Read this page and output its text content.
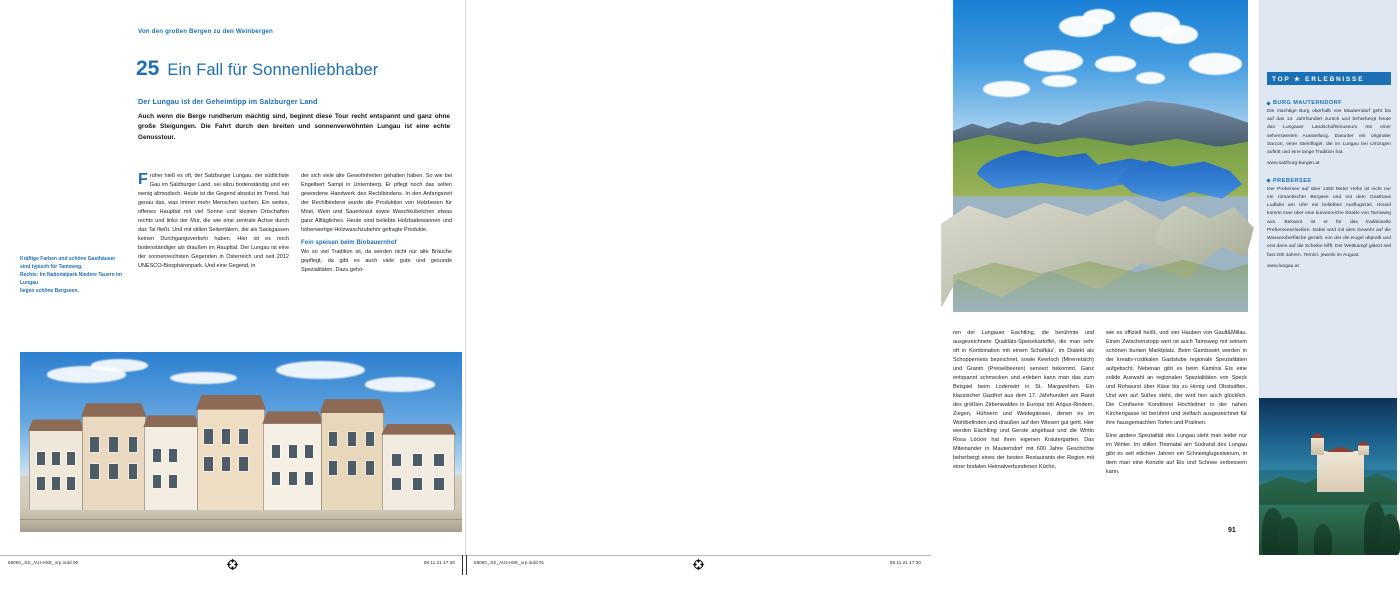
Von den großen Bergen zu den Weinbergen
25 Ein Fall für Sonnenliebhaber
Der Lungau ist der Geheimtipp im Salzburger Land
Auch wenn die Berge rundherum mächtig sind, beginnt diese Tour recht entspannt und ganz ohne große Steigungen. Die Fahrt durch den breiten und sonnenverwöhnten Lungau ist eine echte Genusstour.
F rüher hieß es oft, der Salzburger Lungau, der südlichste Gau im Salzburger Land, sei allzu bodenständig und ein wenig altmodisch. Heute ist die Gegend absolut im Trend, hat genau das, was immer mehr Menschen suchen. Ein weites, offenes Haupttal mit viel Sonne und kleinen Ortschaften rechts und links der Mur, die wie eine zentrale Achse durch das Tal fließt. Und mit stillen Seitentälern, die als Sackgassen keinen Durchgangsverkehr haben. Hier ist es noch bodenständiger als draußen im Haupttal. Der Lungau ist eine der sonnenreichsten Gegenden in Österreich und seit 2012 UNESCO-Biosphärenpark. Und eine Gegend, in
der sich viele alte Gewohnheiten gehalten haben. So wie bei Engelbert Sampl in Unternberg. Er pflegt noch das selten gewordene Handwerk des Rechlbindens. In den Anfangszeit der Rechlbinderei wurde die Produktion von Holzbesen für Most, Wein und Sauerkraut sowie Waschkübelchen etwas ganz Alltägliches. Heute sind beliebte Holzbadewannen und höherwertige Holzwaschzubehör gefragte Produkte.
Fein speisen beim Biobauernhof
Wo so viel Tradition ist, da werden nicht nur alte Bräuche gepflegt, da gibt es auch viele gute und gesunde Spezialitäten. Dazu gehö-
Kräftige Farben und schöne Gasthäuser
sind typisch für Tamsweg.
Rechts: Im Nationalpark Niedere Tauern im Lungau
liegen schöne Bergseen.
ren der Lungauer Eachtling, die berühmte und ausgezeichnete Qualitäts-Speisekartoffel, die man sehr oft in Kombination mit einem Schafkäs', im Dialekt als Schopperriess bezeichnet, sowie Keerloch (Mirerretsich) und Grantn (Preiselbeeren) serviert bekommt. Ganz entspannt schmecken und erleben kann man das zum Beispiel beim Lodenwirt in St. Margarethen. Ein klassischer Gasthof aus dem 17. Jahrhundert am Rand des größten Zirbenwaldes in Europa mit Angus-Rindern, Ziegen, Hühnern und Weidegänsen, denen es im Wohlbefinden und draußen auf den Wiesen gut geht. Hier werden Eachtling und Gerste angebaut und die Wirtin Rosa Löcker hat ihren eigenen Kräutergarten. Das Miteinander in Mauterndorf mit 600 Jahre Geschichte beherbergt eines der besten Restaurants der Region mit einer bodalen Heimatverbundenen Küche,
wie es offiziell heißt, und vier Hauben von Gault&Millau. Einen Zwischenstopp wert ist auch Tamsweg mit seinem schönen bunten Marktplatz. Beim Gambswirt werden in der kreativ-rustikalen Gaststube regionale Spezialitäten aufgetischt. Nebenan gibt es beim Kaminis Eis eine solide Auswahl an regionalen Spezialitäten von Speck und Rohwurst über Käse bis zu Honig und Obstsäften. Und wer auf Süßes steht, der wird hier auch glücklich. Die Confiserie Konditorei Hochleitner in der nahen Kirchengasse ist berühmt und vielfach ausgezeichnet für ihre hausgemachten Torten und Pralinen.
Eine andere Spezialität des Lungau sieht man leider nur im Winter. Im stillen Thomatal am Südrand des Lungau gibt es seit etlichen Jahren ein Schneeiglugesteinum, in dem man eine Konzile auf Eis und Schnee verbessern kann.
TOP ★ ERLEBNISSE
BURG MAUTERNDORF
Die mächtige Burg oberhalb von Mauterndorf geht bis auf das 14. Jahrhundert zurück und beherbergt heute das Lungauer Landschaftsmuseum mit einer sehenswerten Ausstellung. Darunter ein originaler Sarcon, einer Steinflügel, die im Lungau bei Umzügen auftritt und eine lange Tradition hat.
www.salzburg-burgen.at
PREBERSEE
Der Prebersee auf über 1450 Meter Höhe ist nicht nur ein romantischer Bergsee und mit dem Gasthaus Ludlalm am Ufer ein beliebtes Ausflugsziel. Hinauf kommt man über eine kurvenreiche Straße von Tamsweg aus. Bekannt ist er für das traditionelle Preberseeschießen. Dabei wird mit dem Gewehr auf die Wasseroberfläche gezielt, von der die Kugel abprallt und erst dann auf die Scheibe trifft. Der Wettkampf glänzt seit fast 200 Jahren. Termin: jeweils im August.
www.lungau.at
91
68060_JUI_AUt-HSE_orp.indd 90	08.11.21 17:30	68060_JUI_AUt-HSE_orp.indd 91	08.11.21 17:30
